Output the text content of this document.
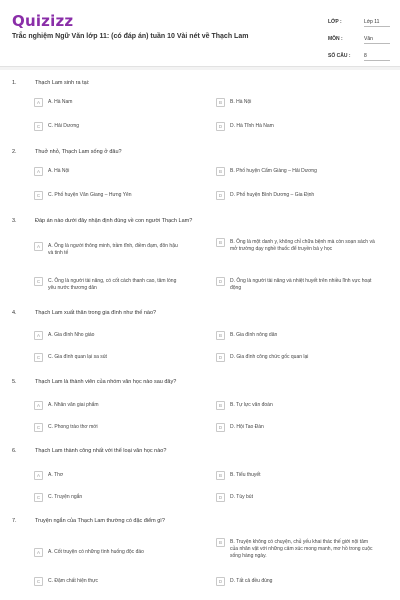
Quizizz
Trắc nghiệm Ngữ Văn lớp 11: (có đáp án) tuần 10 Vài nét về Thạch Lam
LỚP :	Lớp 11
MÔN :	Văn
SỐ CÂU :	8
1.	Thạch Lam sinh ra tại:
A	A. Hà Nam	B	B. Hà Nội
C	C. Hải Dương	D	D. Hà Tĩnh Hà Nam
2.	Thuở nhỏ, Thạch Lam sống ở đâu?
A	A. Hà Nội	B	B. Phố huyện Cẩm Giàng – Hải Dương
C	C. Phố huyện Văn Giang – Hưng Yên	D	D. Phố huyện Bình Dương – Gia Định
3.	Đáp án nào dưới đây nhận định đúng về con người Thạch Lam?
A	A. Ông là người thông minh, trầm tĩnh, điềm đạm, đôn hậu và tinh tế
B	B. Ông là một danh y, không chỉ chữa bệnh mà còn soạn sách và mở trường dạy nghề thuốc để truyền bá y học
C	C. Ông là người tài năng, có cốt cách thanh cao, tâm lòng yêu nước thương dân
D	D. Ông là người tài năng và nhiệt huyết trên nhiều lĩnh vực hoạt động
4.	Thạch Lam xuất thân trong gia đình như thế nào?
A	A. Gia đình Nho giáo	B	B. Gia đình nông dân
C	C. Gia đình quan lại sa sút	D	D. Gia đình công chức gốc quan lại
5.	Thạch Lam là thành viên của nhóm văn học nào sau đây?
A	A. Nhân văn giai phẩm	B	B. Tự lực văn đoàn
C	C. Phong trào thơ mới	D	D. Hội Tao Đàn
6.	Thạch Lam thành công nhất với thể loại văn học nào?
A	A. Thơ	B	B. Tiểu thuyết
C	C. Truyện ngắn	D	D. Tùy bút
7.	Truyện ngắn của Thạch Lam thường có đặc điểm gì?
A	A. Cốt truyện có những tình huống độc đáo
B	B. Truyện không có chuyện, chủ yếu khai thác thế giới nội tâm của nhân vật với những cảm xúc mong manh, mơ hồ trong cuộc sống hàng ngày.
C	C. Đậm chất hiện thực	D	D. Tất cả đều đúng
